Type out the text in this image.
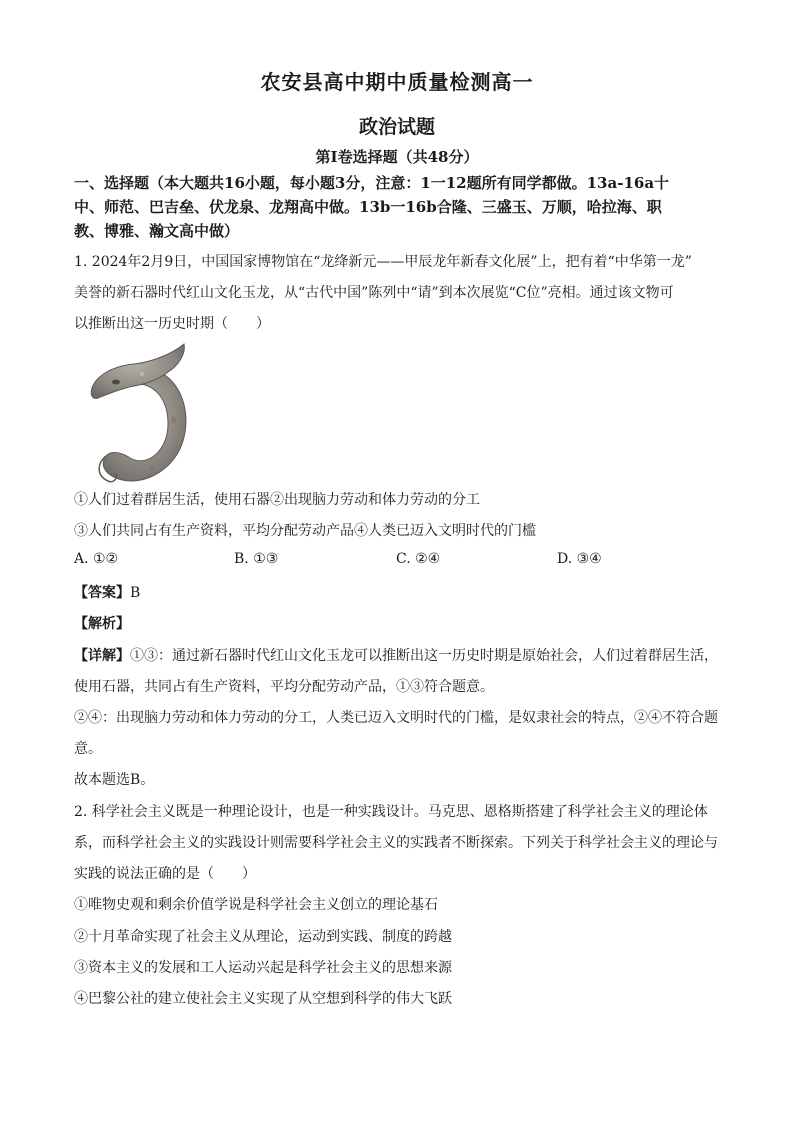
农安县高中期中质量检测高一
政治试题
第I卷选择题（共48分）
一、选择题（本大题共16小题，每小题3分，注意：1一12题所有同学都做。13a-16a十
中、师范、巴吉垒、伏龙泉、龙翔高中做。13b一16b合隆、三盛玉、万顺，哈拉海、职
教、博雅、瀚文高中做）
1. 2024年2月9日，中国国家博物馆在“龙绛新元——甲辰龙年新春文化展”上，把有着“中华第一龙”
美誉的新石器时代红山文化玉龙，从“古代中国”陈列中“请”到本次展览“C位”亮相。通过该文物可
以推断出这一历史时期（　　）
①人们过着群居生活，使用石器②出现脑力劳动和体力劳动的分工
③人们共同占有生产资料，平均分配劳动产品④人类已迈入文明时代的门槛
A. ①②	B. ①③	C. ②④	D. ③④
【答案】B
【解析】
【详解】①③：通过新石器时代红山文化玉龙可以推断出这一历史时期是原始社会，人们过着群居生活，
使用石器，共同占有生产资料，平均分配劳动产品，①③符合题意。
②④：出现脑力劳动和体力劳动的分工，人类已迈入文明时代的门槛，是奴隶社会的特点，②④不符合题
意。
故本题选B。
2. 科学社会主义既是一种理论设计，也是一种实践设计。马克思、恩格斯搭建了科学社会主义的理论体
系，而科学社会主义的实践设计则需要科学社会主义的实践者不断探索。下列关于科学社会主义的理论与
实践的说法正确的是（　　）
①唯物史观和剩余价值学说是科学社会主义创立的理论基石
②十月革命实现了社会主义从理论，运动到实践、制度的跨越
③资本主义的发展和工人运动兴起是科学社会主义的思想来源
④巴黎公社的建立使社会主义实现了从空想到科学的伟大飞跃
